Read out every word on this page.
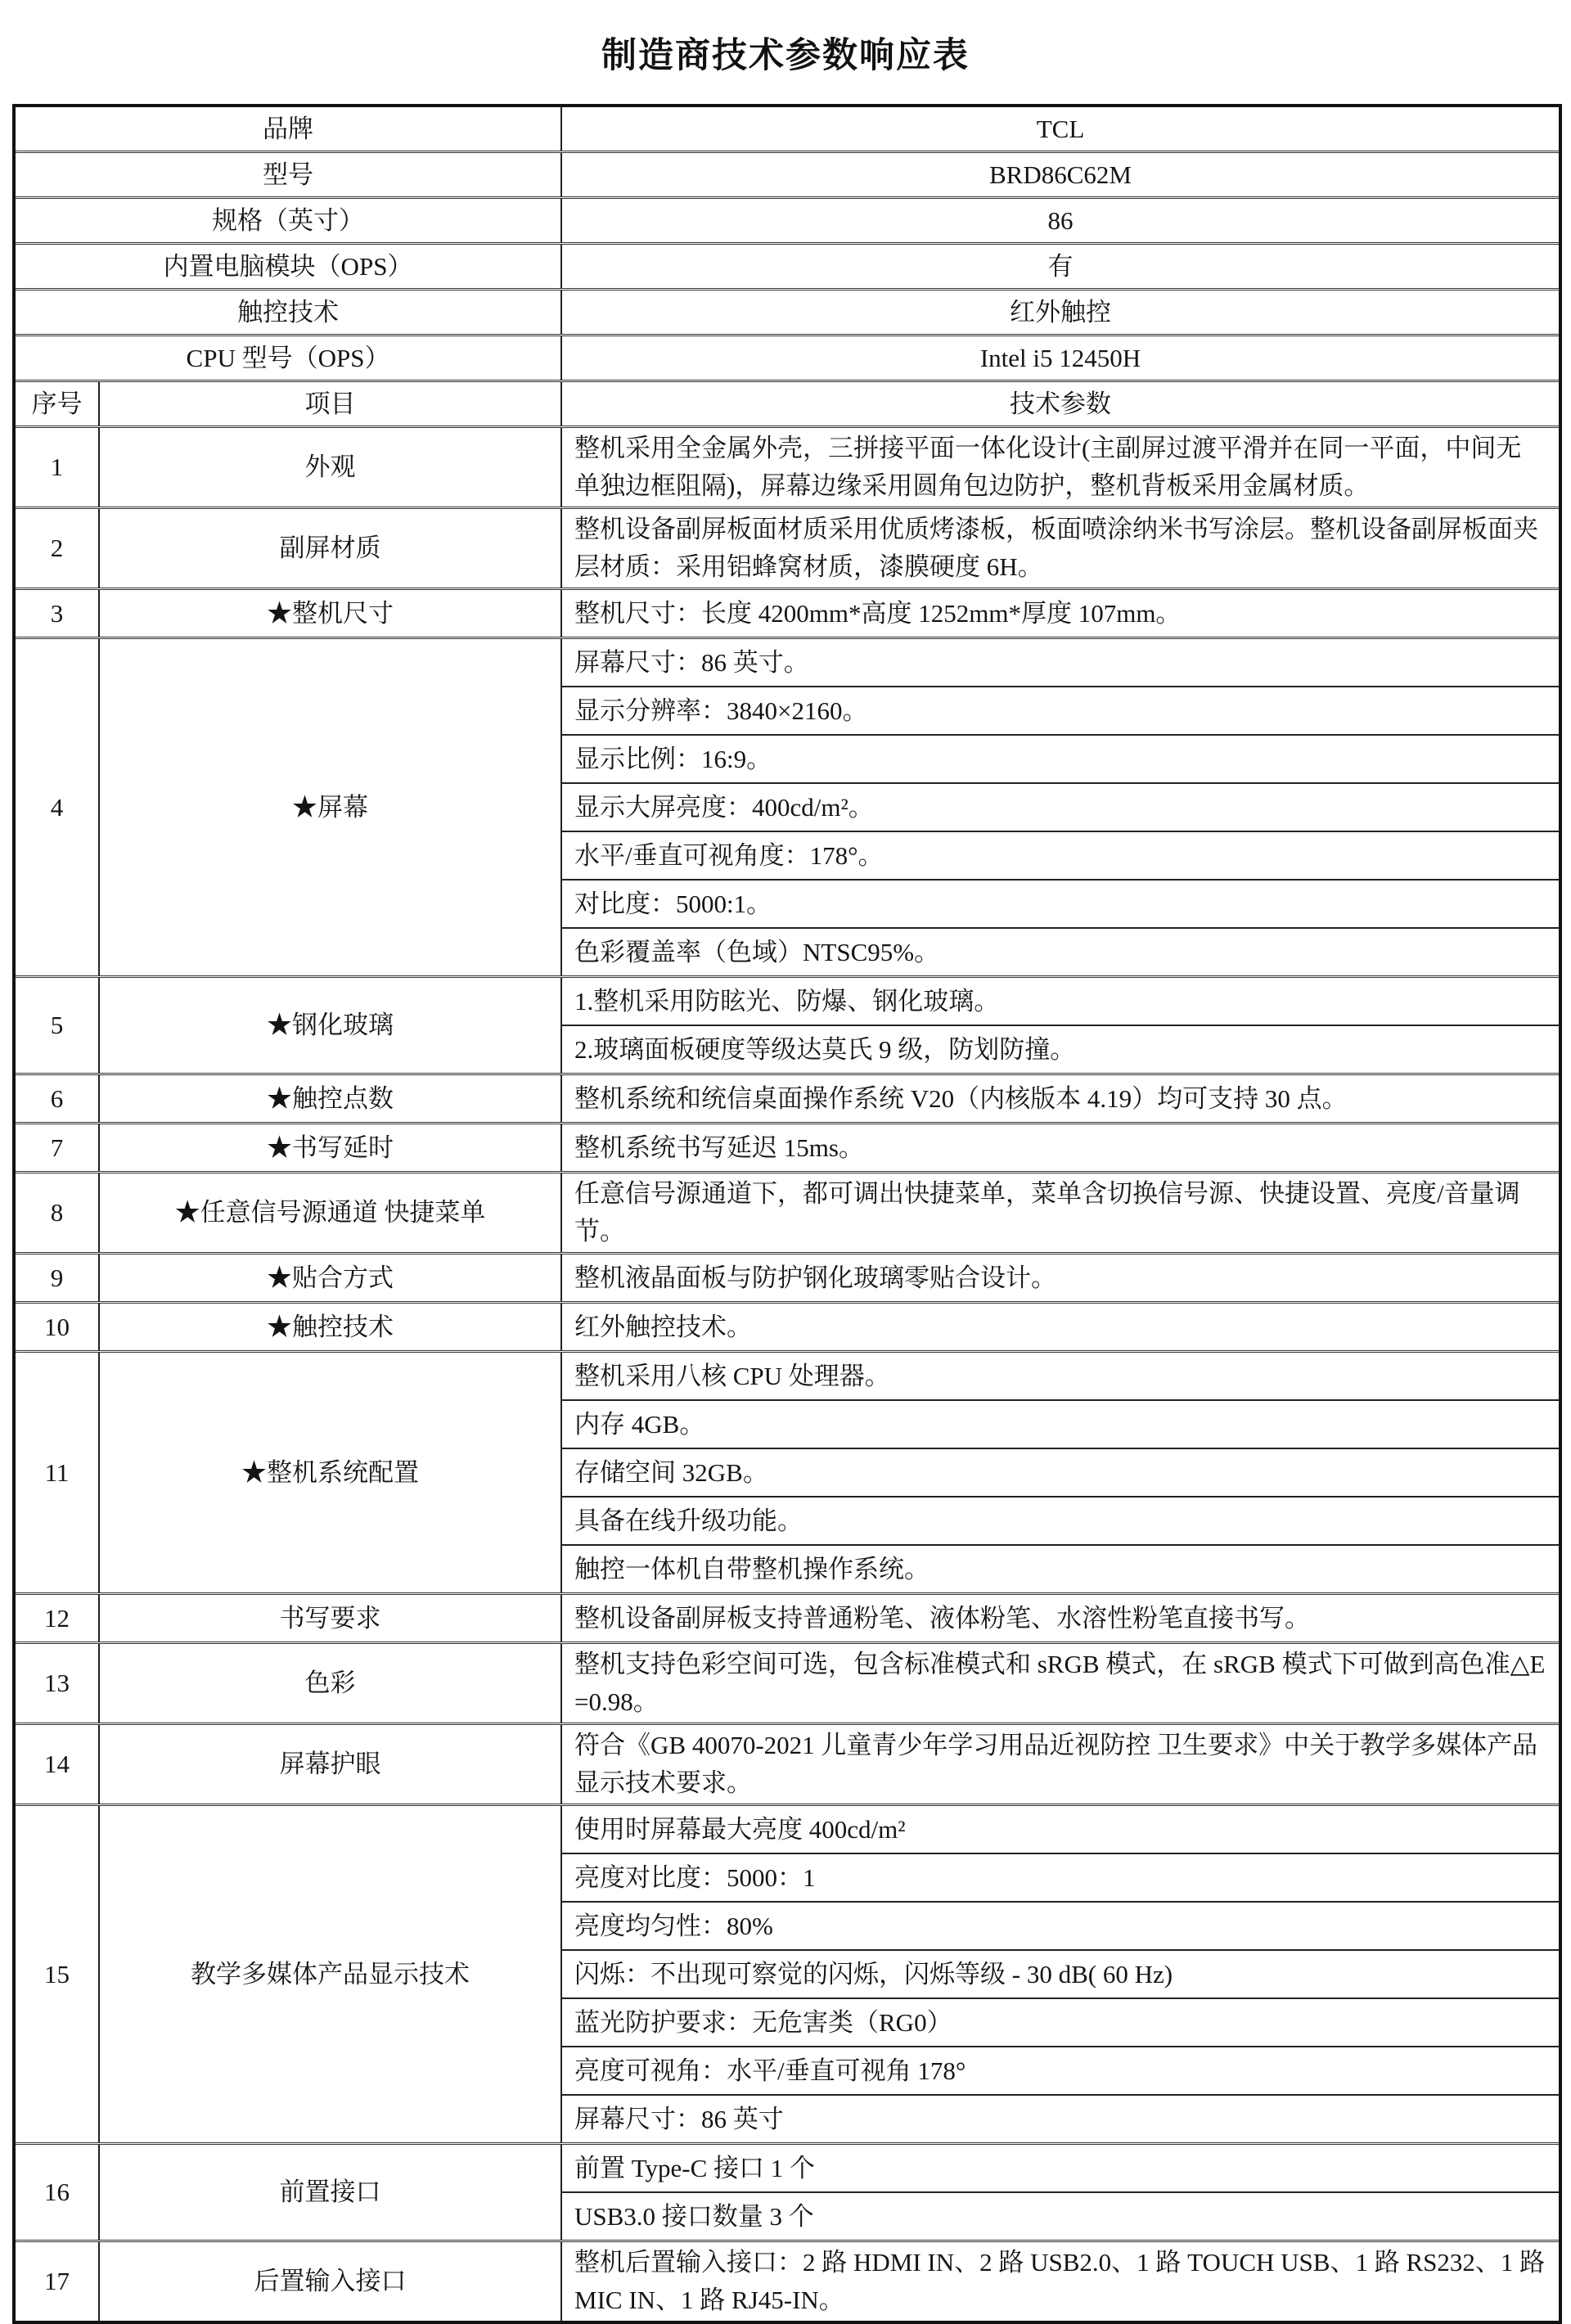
制造商技术参数响应表
品牌		TCL
型号		BRD86C62M
规格（英寸）		86
内置电脑模块（OPS）		有
触控技术		红外触控
CPU 型号（OPS）		Intel i5 12450H
序号	项目	技术参数
1	外观	整机采用全金属外壳，三拼接平面一体化设计(主副屏过渡平滑并在同一平面，中间无单独边框阻隔)，屏幕边缘采用圆角包边防护，整机背板采用金属材质。
2	副屏材质	整机设备副屏板面材质采用优质烤漆板，板面喷涂纳米书写涂层。整机设备副屏板面夹层材质：采用铝蜂窝材质，漆膜硬度 6H。
3	★整机尺寸	整机尺寸：长度 4200mm*高度 1252mm*厚度 107mm。
4	★屏幕	屏幕尺寸：86 英寸。
		显示分辨率：3840×2160。
		显示比例：16:9。
		显示大屏亮度：400cd/m²。
		水平/垂直可视角度：178°。
		对比度：5000:1。
		色彩覆盖率（色域）NTSC95%。
5	★钢化玻璃	1.整机采用防眩光、防爆、钢化玻璃。
		2.玻璃面板硬度等级达莫氏 9 级，防划防撞。
6	★触控点数	整机系统和统信桌面操作系统 V20（内核版本 4.19）均可支持 30 点。
7	★书写延时	整机系统书写延迟 15ms。
8	★任意信号源通道 快捷菜单	任意信号源通道下，都可调出快捷菜单，菜单含切换信号源、快捷设置、亮度/音量调节。
9	★贴合方式	整机液晶面板与防护钢化玻璃零贴合设计。
10	★触控技术	红外触控技术。
11	★整机系统配置	整机采用八核 CPU 处理器。
		内存 4GB。
		存储空间 32GB。
		具备在线升级功能。
		触控一体机自带整机操作系统。
12	书写要求	整机设备副屏板支持普通粉笔、液体粉笔、水溶性粉笔直接书写。
13	色彩	整机支持色彩空间可选，包含标准模式和 sRGB 模式，在 sRGB 模式下可做到高色准△E=0.98。
14	屏幕护眼	符合《GB 40070-2021 儿童青少年学习用品近视防控 卫生要求》中关于教学多媒体产品显示技术要求。
15	教学多媒体产品显示技术	使用时屏幕最大亮度 400cd/m²
		亮度对比度：5000：1
		亮度均匀性：80%
		闪烁：不出现可察觉的闪烁，闪烁等级 - 30 dB( 60 Hz)
		蓝光防护要求：无危害类（RG0）
		亮度可视角：水平/垂直可视角 178°
		屏幕尺寸：86 英寸
16	前置接口	前置 Type-C 接口 1 个
		USB3.0 接口数量 3 个
17	后置输入接口	整机后置输入接口：2 路 HDMI IN、2 路 USB2.0、1 路 TOUCH USB、1 路 RS232、1 路 MIC IN、1 路 RJ45-IN。
